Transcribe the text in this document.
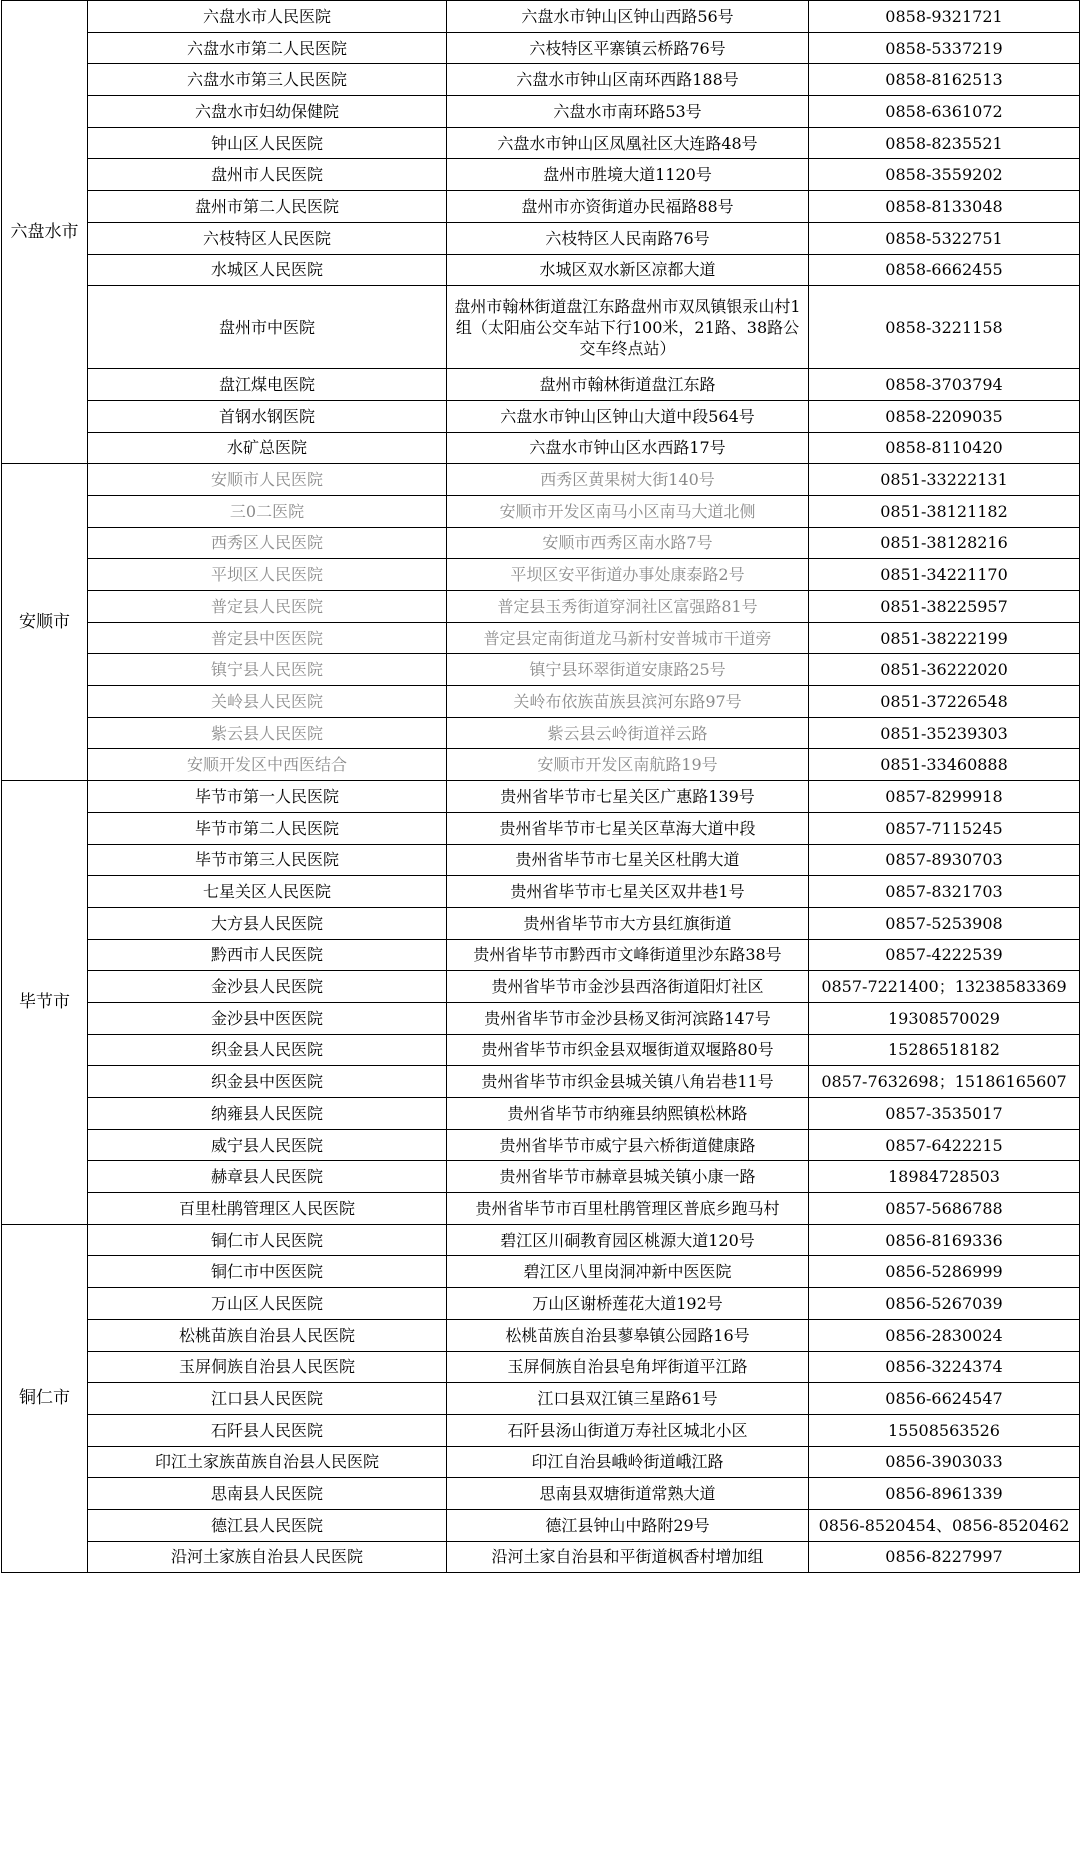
六盘水市	六盘水市人民医院	六盘水市钟山区钟山西路56号	0858-9321721
	六盘水市第二人民医院	六枝特区平寨镇云桥路76号	0858-5337219
	六盘水市第三人民医院	六盘水市钟山区南环西路188号	0858-8162513
	六盘水市妇幼保健院	六盘水市南环路53号	0858-6361072
	钟山区人民医院	六盘水市钟山区凤凰社区大连路48号	0858-8235521
	盘州市人民医院	盘州市胜境大道1120号	0858-3559202
	盘州市第二人民医院	盘州市亦资街道办民福路88号	0858-8133048
	六枝特区人民医院	六枝特区人民南路76号	0858-5322751
	水城区人民医院	水城区双水新区凉都大道	0858-6662455
	盘州市中医院	盘州市翰林街道盘江东路盘州市双凤镇银汞山村1组（太阳庙公交车站下行100米，21路、38路公交车终点站）	0858-3221158
	盘江煤电医院	盘州市翰林街道盘江东路	0858-3703794
	首钢水钢医院	六盘水市钟山区钟山大道中段564号	0858-2209035
	水矿总医院	六盘水市钟山区水西路17号	0858-8110420
安顺市	安顺市人民医院	西秀区黄果树大街140号	0851-33222131
	三0二医院	安顺市开发区南马小区南马大道北侧	0851-38121182
	西秀区人民医院	安顺市西秀区南水路7号	0851-38128216
	平坝区人民医院	平坝区安平街道办事处康泰路2号	0851-34221170
	普定县人民医院	普定县玉秀街道穿洞社区富强路81号	0851-38225957
	普定县中医医院	普定县定南街道龙马新村安普城市干道旁	0851-38222199
	镇宁县人民医院	镇宁县环翠街道安康路25号	0851-36222020
	关岭县人民医院	关岭布依族苗族县滨河东路97号	0851-37226548
	紫云县人民医院	紫云县云岭街道祥云路	0851-35239303
	安顺开发区中西医结合	安顺市开发区南航路19号	0851-33460888
毕节市	毕节市第一人民医院	贵州省毕节市七星关区广惠路139号	0857-8299918
	毕节市第二人民医院	贵州省毕节市七星关区草海大道中段	0857-7115245
	毕节市第三人民医院	贵州省毕节市七星关区杜鹃大道	0857-8930703
	七星关区人民医院	贵州省毕节市七星关区双井巷1号	0857-8321703
	大方县人民医院	贵州省毕节市大方县红旗街道	0857-5253908
	黔西市人民医院	贵州省毕节市黔西市文峰街道里沙东路38号	0857-4222539
	金沙县人民医院	贵州省毕节市金沙县西洛街道阳灯社区	0857-7221400；13238583369
	金沙县中医医院	贵州省毕节市金沙县杨叉街河滨路147号	19308570029
	织金县人民医院	贵州省毕节市织金县双堰街道双堰路80号	15286518182
	织金县中医医院	贵州省毕节市织金县城关镇八角岩巷11号	0857-7632698；15186165607
	纳雍县人民医院	贵州省毕节市纳雍县纳熙镇松林路	0857-3535017
	威宁县人民医院	贵州省毕节市威宁县六桥街道健康路	0857-6422215
	赫章县人民医院	贵州省毕节市赫章县城关镇小康一路	18984728503
	百里杜鹃管理区人民医院	贵州省毕节市百里杜鹃管理区普底乡跑马村	0857-5686788
铜仁市	铜仁市人民医院	碧江区川硐教育园区桃源大道120号	0856-8169336
	铜仁市中医医院	碧江区八里岗洞冲新中医医院	0856-5286999
	万山区人民医院	万山区谢桥莲花大道192号	0856-5267039
	松桃苗族自治县人民医院	松桃苗族自治县蓼皋镇公园路16号	0856-2830024
	玉屏侗族自治县人民医院	玉屏侗族自治县皂角坪街道平江路	0856-3224374
	江口县人民医院	江口县双江镇三星路61号	0856-6624547
	石阡县人民医院	石阡县汤山街道万寿社区城北小区	15508563526
	印江土家族苗族自治县人民医院	印江自治县峨岭街道峨江路	0856-3903033
	思南县人民医院	思南县双塘街道常熟大道	0856-8961339
	德江县人民医院	德江县钟山中路附29号	0856-8520454、0856-8520462
	沿河土家族自治县人民医院	沿河土家自治县和平街道枫香村增加组	0856-8227997
